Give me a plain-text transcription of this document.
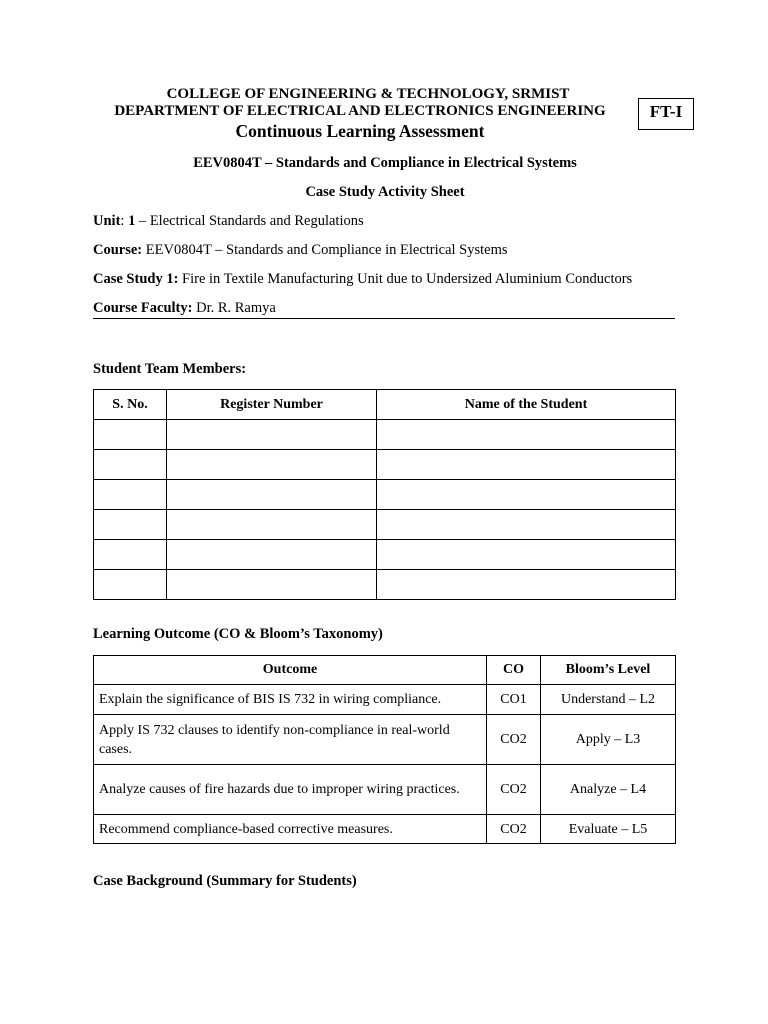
COLLEGE OF ENGINEERING & TECHNOLOGY, SRMIST
DEPARTMENT OF ELECTRICAL AND ELECTRONICS ENGINEERING
Continuous Learning Assessment
FT-I
EEV0804T – Standards and Compliance in Electrical Systems
Case Study Activity Sheet
Unit: 1 – Electrical Standards and Regulations
Course: EEV0804T – Standards and Compliance in Electrical Systems
Case Study 1: Fire in Textile Manufacturing Unit due to Undersized Aluminium Conductors
Course Faculty: Dr. R. Ramya
Student Team Members:
S. No.	Register Number	Name of the Student

Learning Outcome (CO & Bloom’s Taxonomy)
Outcome	CO	Bloom’s Level
Explain the significance of BIS IS 732 in wiring compliance.	CO1	Understand – L2
Apply IS 732 clauses to identify non-compliance in real-world cases.	CO2	Apply – L3
Analyze causes of fire hazards due to improper wiring practices.	CO2	Analyze – L4
Recommend compliance-based corrective measures.	CO2	Evaluate – L5
Case Background (Summary for Students)
